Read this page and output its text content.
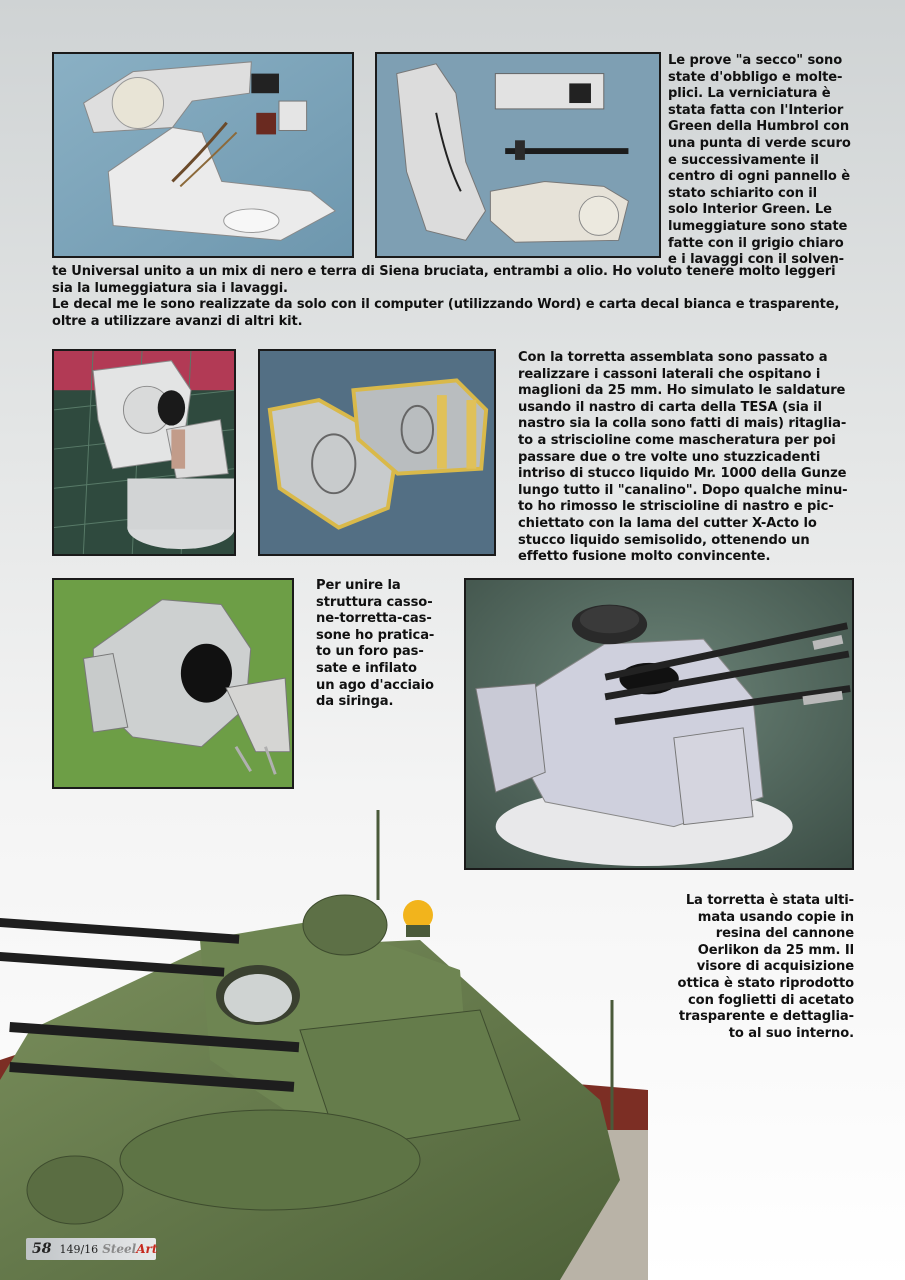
Le prove "a secco" sono
state d'obbligo e molte-
plici. La verniciatura è
stata fatta con l'Interior
Green della Humbrol con
una punta di verde scuro
e successivamente il
centro di ogni pannello è
stato schiarito con il
solo Interior Green. Le
lumeggiature sono state
fatte con il grigio chiaro
e i lavaggi con il solven-
te Universal unito a un mix di nero e terra di Siena bruciata, entrambi a olio. Ho voluto tenere molto leggeri
sia la lumeggiatura sia i lavaggi.
Le decal me le sono realizzate da solo con il computer (utilizzando Word) e carta decal bianca e trasparente,
oltre a utilizzare avanzi di altri kit.
Con la torretta assemblata sono passato a
realizzare i cassoni laterali che ospitano i
maglioni da 25 mm. Ho simulato le saldature
usando il nastro di carta della TESA (sia il
nastro sia la colla sono fatti di mais) ritaglia-
to a striscioline come mascheratura per poi
passare due o tre volte uno stuzzicadenti
intriso di stucco liquido Mr. 1000 della Gunze
lungo tutto il "canalino". Dopo qualche minu-
to ho rimosso le striscioline di nastro e pic-
chiettato con la lama del cutter X-Acto lo
stucco liquido semisolido, ottenendo un
effetto fusione molto convincente.
Per unire la
struttura casso-
ne-torretta-cas-
sone ho pratica-
to un foro pas-
sate e infilato
un ago d'acciaio
da siringa.
La torretta è stata ulti-
mata usando copie in
resina del cannone
Oerlikon da 25 mm. Il
visore di acquisizione
ottica è stato riprodotto
con foglietti di acetato
trasparente e dettaglia-
to al suo interno.
58 149/16 Steel Art
